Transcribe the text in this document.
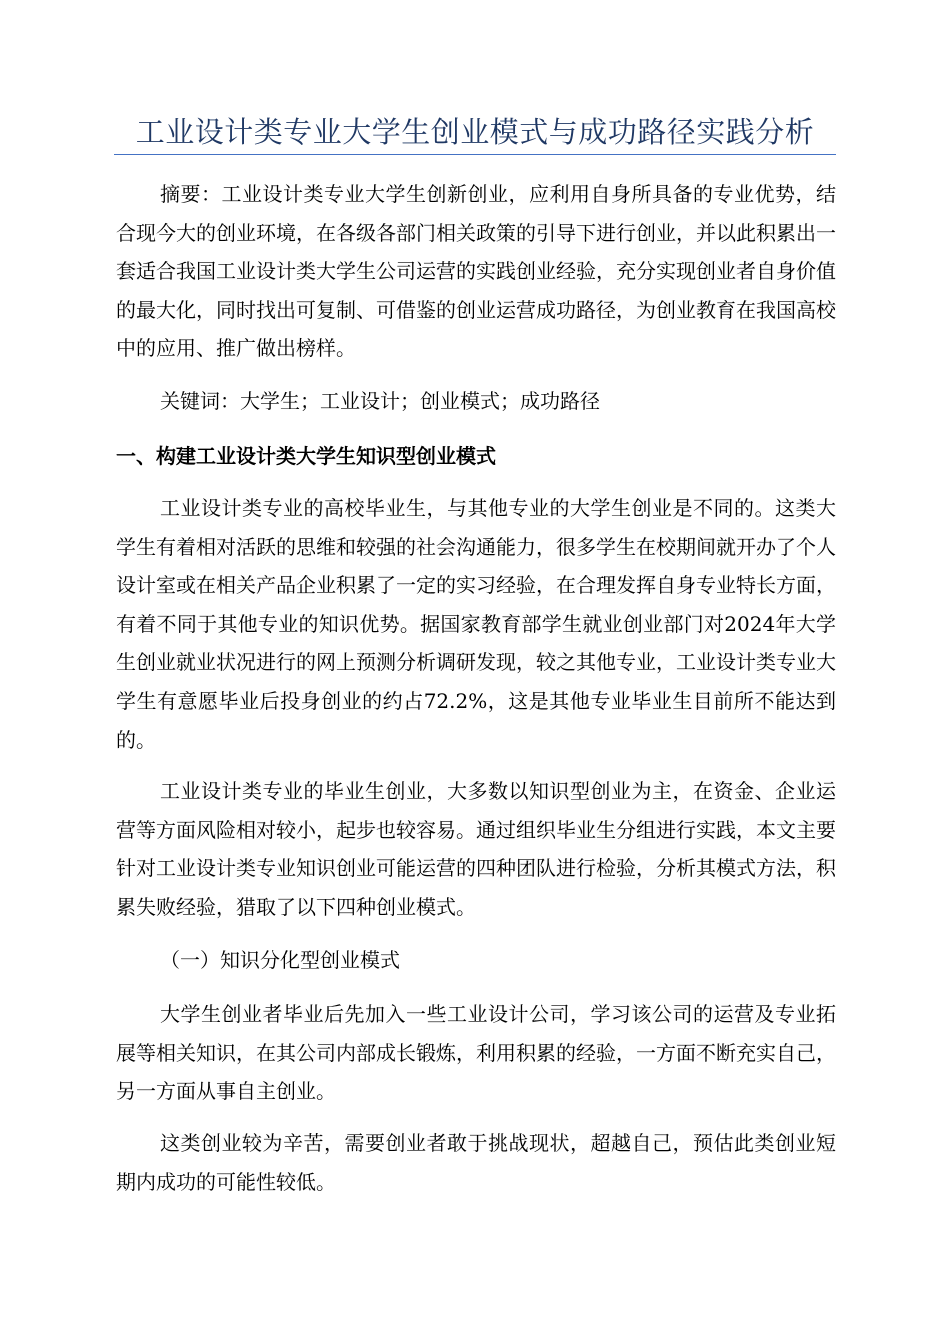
工业设计类专业大学生创业模式与成功路径实践分析

摘要：工业设计类专业大学生创新创业，应利用自身所具备的专业优势，结合现今大的创业环境，在各级各部门相关政策的引导下进行创业，并以此积累出一套适合我国工业设计类大学生公司运营的实践创业经验，充分实现创业者自身价值的最大化，同时找出可复制、可借鉴的创业运营成功路径，为创业教育在我国高校中的应用、推广做出榜样。

关键词：大学生；工业设计；创业模式；成功路径

一、构建工业设计类大学生知识型创业模式

工业设计类专业的高校毕业生，与其他专业的大学生创业是不同的。这类大学生有着相对活跃的思维和较强的社会沟通能力，很多学生在校期间就开办了个人设计室或在相关产品企业积累了一定的实习经验，在合理发挥自身专业特长方面，有着不同于其他专业的知识优势。据国家教育部学生就业创业部门对2024年大学生创业就业状况进行的网上预测分析调研发现，较之其他专业，工业设计类专业大学生有意愿毕业后投身创业的约占72.2%，这是其他专业毕业生目前所不能达到的。

工业设计类专业的毕业生创业，大多数以知识型创业为主，在资金、企业运营等方面风险相对较小，起步也较容易。通过组织毕业生分组进行实践，本文主要针对工业设计类专业知识创业可能运营的四种团队进行检验，分析其模式方法，积累失败经验，猎取了以下四种创业模式。

（一）知识分化型创业模式

大学生创业者毕业后先加入一些工业设计公司，学习该公司的运营及专业拓展等相关知识，在其公司内部成长锻炼，利用积累的经验，一方面不断充实自己，另一方面从事自主创业。

这类创业较为辛苦，需要创业者敢于挑战现状，超越自己，预估此类创业短期内成功的可能性较低。
